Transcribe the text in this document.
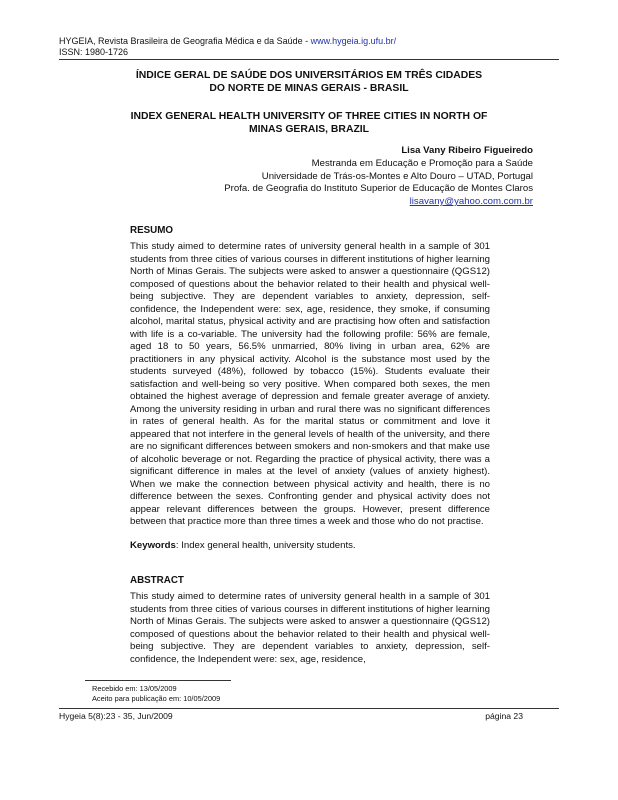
HYGEIA, Revista Brasileira de Geografia Médica e da Saúde - www.hygeia.ig.ufu.br/
ISSN: 1980-1726
ÍNDICE GERAL DE SAÚDE DOS UNIVERSITÁRIOS EM TRÊS CIDADES
DO NORTE DE MINAS GERAIS - BRASIL
INDEX GENERAL HEALTH UNIVERSITY OF THREE CITIES IN NORTH OF
MINAS GERAIS, BRAZIL
Lisa Vany Ribeiro Figueiredo
Mestranda em Educação e Promoção para a Saúde
Universidade de Trás-os-Montes e Alto Douro – UTAD, Portugal
Profa. de Geografia do Instituto Superior de Educação de Montes Claros
lisavany@yahoo.com.com.br
RESUMO
This study aimed to determine rates of university general health in a sample of 301 students from three cities of various courses in different institutions of higher learning North of Minas Gerais. The subjects were asked to answer a questionnaire (QGS12) composed of questions about the behavior related to their health and physical well-being subjective. They are dependent variables to anxiety, depression, self-confidence, the Independent were: sex, age, residence, they smoke, if consuming alcohol, marital status, physical activity and are practising how often and satisfaction with life is a co-variable. The university had the following profile: 56% are female, aged 18 to 50 years, 56.5% unmarried, 80% living in urban area, 62% are practitioners in any physical activity. Alcohol is the substance most used by the students surveyed (48%), followed by tobacco (15%). Students evaluate their satisfaction and well-being so very positive. When compared both sexes, the men obtained the highest average of depression and female greater average of anxiety. Among the university residing in urban and rural there was no significant differences in rates of general health. As for the marital status or commitment and love it appeared that not interfere in the general levels of health of the university, and there are no significant differences between smokers and non-smokers and that make use of alcoholic beverage or not. Regarding the practice of physical activity, there was a significant difference in males at the level of anxiety (values of anxiety highest). When we make the connection between physical activity and health, there is no difference between the sexes. Confronting gender and physical activity does not appear relevant differences between the groups. However, present difference between that practice more than three times a week and those who do not practise.
Keywords: Index general health, university students.
ABSTRACT
This study aimed to determine rates of university general health in a sample of 301 students from three cities of various courses in different institutions of higher learning North of Minas Gerais. The subjects were asked to answer a questionnaire (QGS12) composed of questions about the behavior related to their health and physical well-being subjective. They are dependent variables to anxiety, depression, self-confidence, the Independent were: sex, age, residence,
Recebido em: 13/05/2009
Aceito para publicação em: 10/05/2009
Hygeia 5(8):23 - 35, Jun/2009	página 23
